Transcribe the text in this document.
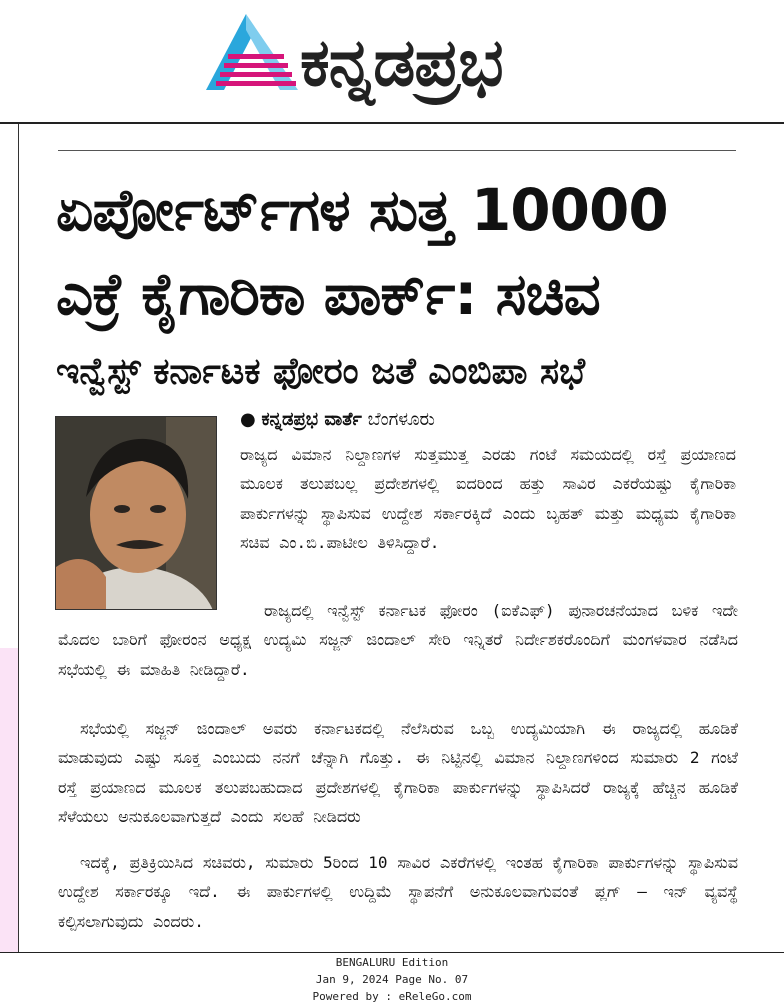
ಕನ್ನಡಪ್ರಭ
ಏರ್ಪೋರ್ಟ್‌ಗಳ ಸುತ್ತ 10000
ಎಕ್ರೆ ಕೈಗಾರಿಕಾ ಪಾರ್ಕ್: ಸಚಿವ
ಇನ್ವೆಸ್ಟ್ ಕರ್ನಾಟಕ ಫೋರಂ ಜತೆ ಎಂಬಿಪಾ ಸಭೆ
● ಕನ್ನಡಪ್ರಭ ವಾರ್ತೆ ಬೆಂಗಳೂರು
ರಾಜ್ಯದ ವಿಮಾನ ನಿಲ್ದಾಣಗಳ ಸುತ್ತಮುತ್ತ ಎರಡು ಗಂಟೆ ಸಮಯದಲ್ಲಿ ರಸ್ತೆ ಪ್ರಯಾಣದ ಮೂಲಕ ತಲುಪಬಲ್ಲ ಪ್ರದೇಶಗಳಲ್ಲಿ ಐದರಿಂದ ಹತ್ತು ಸಾವಿರ ಎಕರೆಯಷ್ಟು ಕೈಗಾರಿಕಾ ಪಾರ್ಕುಗಳನ್ನು ಸ್ಥಾಪಿಸುವ ಉದ್ದೇಶ ಸರ್ಕಾರಕ್ಕಿದೆ ಎಂದು ಬೃಹತ್ ಮತ್ತು ಮಧ್ಯಮ ಕೈಗಾರಿಕಾ ಸಚಿವ ಎಂ.ಬಿ.ಪಾಟೀಲ ತಿಳಿಸಿದ್ದಾರೆ.
ರಾಜ್ಯದಲ್ಲಿ ಇನ್ವೆಸ್ಟ್ ಕರ್ನಾಟಕ ಫೋರಂ (ಐಕೆಎಫ್) ಪುನಾರಚನೆಯಾದ ಬಳಿಕ ಇದೇ ಮೊದಲ ಬಾರಿಗೆ ಫೋರಂನ ಅಧ್ಯಕ್ಷ ಉದ್ಯಮಿ ಸಜ್ಜನ್ ಜಿಂದಾಲ್ ಸೇರಿ ಇನ್ನಿತರೆ ನಿರ್ದೇಶಕರೊಂದಿಗೆ ಮಂಗಳವಾರ ನಡೆಸಿದ ಸಭೆಯಲ್ಲಿ ಈ ಮಾಹಿತಿ ನೀಡಿದ್ದಾರೆ.
ಸಭೆಯಲ್ಲಿ ಸಜ್ಜನ್ ಜಿಂದಾಲ್ ಅವರು ಕರ್ನಾಟಕದಲ್ಲಿ ನೆಲೆಸಿರುವ ಒಬ್ಬ ಉದ್ಯಮಿಯಾಗಿ ಈ ರಾಜ್ಯದಲ್ಲಿ ಹೂಡಿಕೆ ಮಾಡುವುದು ಎಷ್ಟು ಸೂಕ್ತ ಎಂಬುದು ನನಗೆ ಚೆನ್ನಾಗಿ ಗೊತ್ತು. ಈ ನಿಟ್ಟಿನಲ್ಲಿ ವಿಮಾನ ನಿಲ್ದಾಣಗಳಿಂದ ಸುಮಾರು 2 ಗಂಟೆ ರಸ್ತೆ ಪ್ರಯಾಣದ ಮೂಲಕ ತಲುಪಬಹುದಾದ ಪ್ರದೇಶಗಳಲ್ಲಿ ಕೈಗಾರಿಕಾ ಪಾರ್ಕುಗಳನ್ನು ಸ್ಥಾಪಿಸಿದರೆ ರಾಜ್ಯಕ್ಕೆ ಹೆಚ್ಚಿನ ಹೂಡಿಕೆ ಸೆಳೆಯಲು ಅನುಕೂಲವಾಗುತ್ತದೆ ಎಂದು ಸಲಹೆ ನೀಡಿದರು
ಇದಕ್ಕೆ, ಪ್ರತಿಕ್ರಿಯಿಸಿದ ಸಚಿವರು, ಸುಮಾರು 5ರಿಂದ 10 ಸಾವಿರ ಎಕರೆಗಳಲ್ಲಿ ಇಂತಹ ಕೈಗಾರಿಕಾ ಪಾರ್ಕುಗಳನ್ನು ಸ್ಥಾಪಿಸುವ ಉದ್ದೇಶ ಸರ್ಕಾರಕ್ಕೂ ಇದೆ. ಈ ಪಾರ್ಕುಗಳಲ್ಲಿ ಉದ್ದಿಮೆ ಸ್ಥಾಪನೆಗೆ ಅನುಕೂಲವಾಗುವಂತೆ ಪ್ಲಗ್ – ಇನ್ ವ್ಯವಸ್ಥೆ ಕಲ್ಪಿಸಲಾಗುವುದು ಎಂದರು.
BENGALURU Edition
Jan 9, 2024 Page No. 07
Powered by : eReleGo.com
